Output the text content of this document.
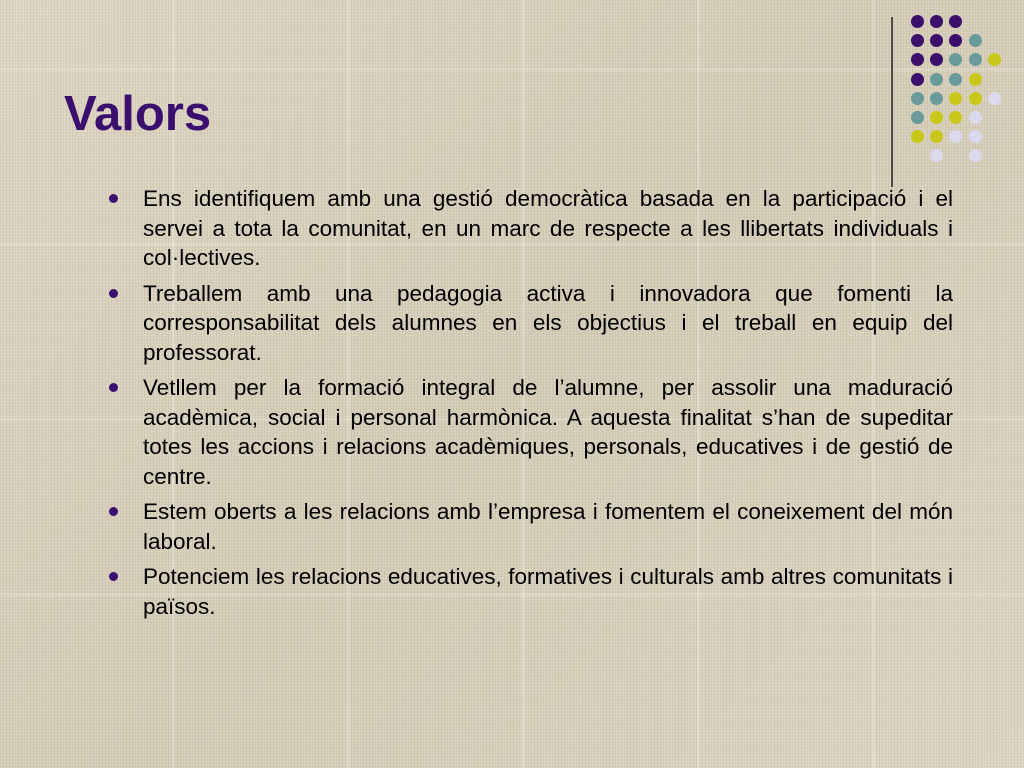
Valors
Ens identifiquem amb una gestió democràtica basada en la participació i el servei a tota la comunitat, en un marc de respecte a les llibertats individuals i col·lectives.
Treballem amb una pedagogia activa i innovadora que fomenti la corresponsabilitat dels alumnes en els objectius i el treball en equip del professorat.
Vetllem per la formació integral de l’alumne, per assolir una maduració acadèmica, social i personal harmònica. A aquesta finalitat s’han de supeditar totes les accions i relacions acadèmiques, personals, educatives i de gestió de centre.
Estem oberts a les relacions amb l’empresa i fomentem el coneixement del món laboral.
Potenciem les relacions educatives, formatives i culturals amb altres comunitats i països.
